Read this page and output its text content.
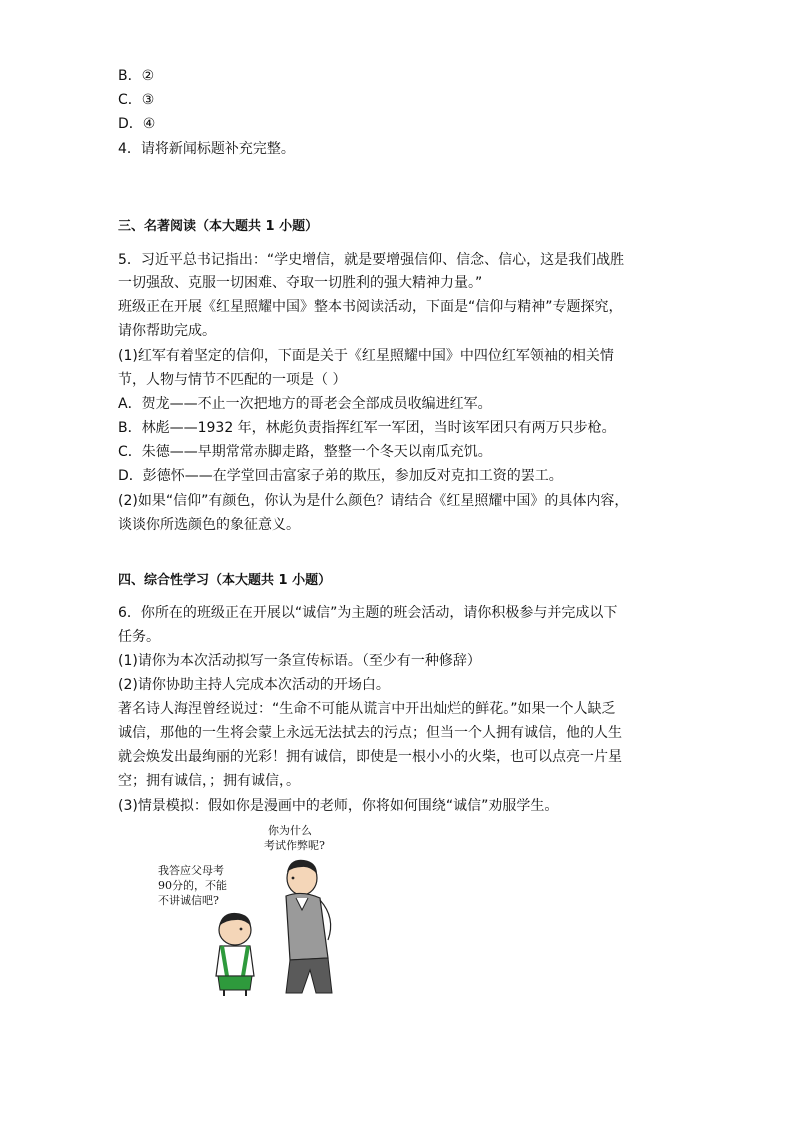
B．②
C．③
D．④
4．请将新闻标题补充完整。
三、名著阅读（本大题共 1 小题）
5．习近平总书记指出：“学史增信，就是要增强信仰、信念、信心，这是我们战胜
一切强敌、克服一切困难、夺取一切胜利的强大精神力量。”
班级正在开展《红星照耀中国》整本书阅读活动，下面是“信仰与精神”专题探究，
请你帮助完成。
(1)红军有着坚定的信仰，下面是关于《红星照耀中国》中四位红军领袖的相关情
节，人物与情节不匹配的一项是（ ）
A．贺龙——不止一次把地方的哥老会全部成员收编进红军。
B．林彪——1932 年，林彪负责指挥红军一军团，当时该军团只有两万只步枪。
C．朱德——早期常常赤脚走路，整整一个冬天以南瓜充饥。
D．彭德怀——在学堂回击富家子弟的欺压，参加反对克扣工资的罢工。
(2)如果“信仰”有颜色，你认为是什么颜色？请结合《红星照耀中国》的具体内容，
谈谈你所选颜色的象征意义。
四、综合性学习（本大题共 1 小题）
6．你所在的班级正在开展以“诚信”为主题的班会活动，请你积极参与并完成以下
任务。
(1)请你为本次活动拟写一条宣传标语。（至少有一种修辞）
(2)请你协助主持人完成本次活动的开场白。
著名诗人海涅曾经说过：“生命不可能从谎言中开出灿烂的鲜花。”如果一个人缺乏
诚信，那他的一生将会蒙上永远无法拭去的污点；但当一个人拥有诚信，他的人生
就会焕发出最绚丽的光彩！拥有诚信，即使是一根小小的火柴，也可以点亮一片星
空；拥有诚信，；拥有诚信，。
(3)情景模拟：假如你是漫画中的老师，你将如何围绕“诚信”劝服学生。
你为什么
考试作弊呢?
我答应父母考
90分的，不能
不讲诚信吧?
